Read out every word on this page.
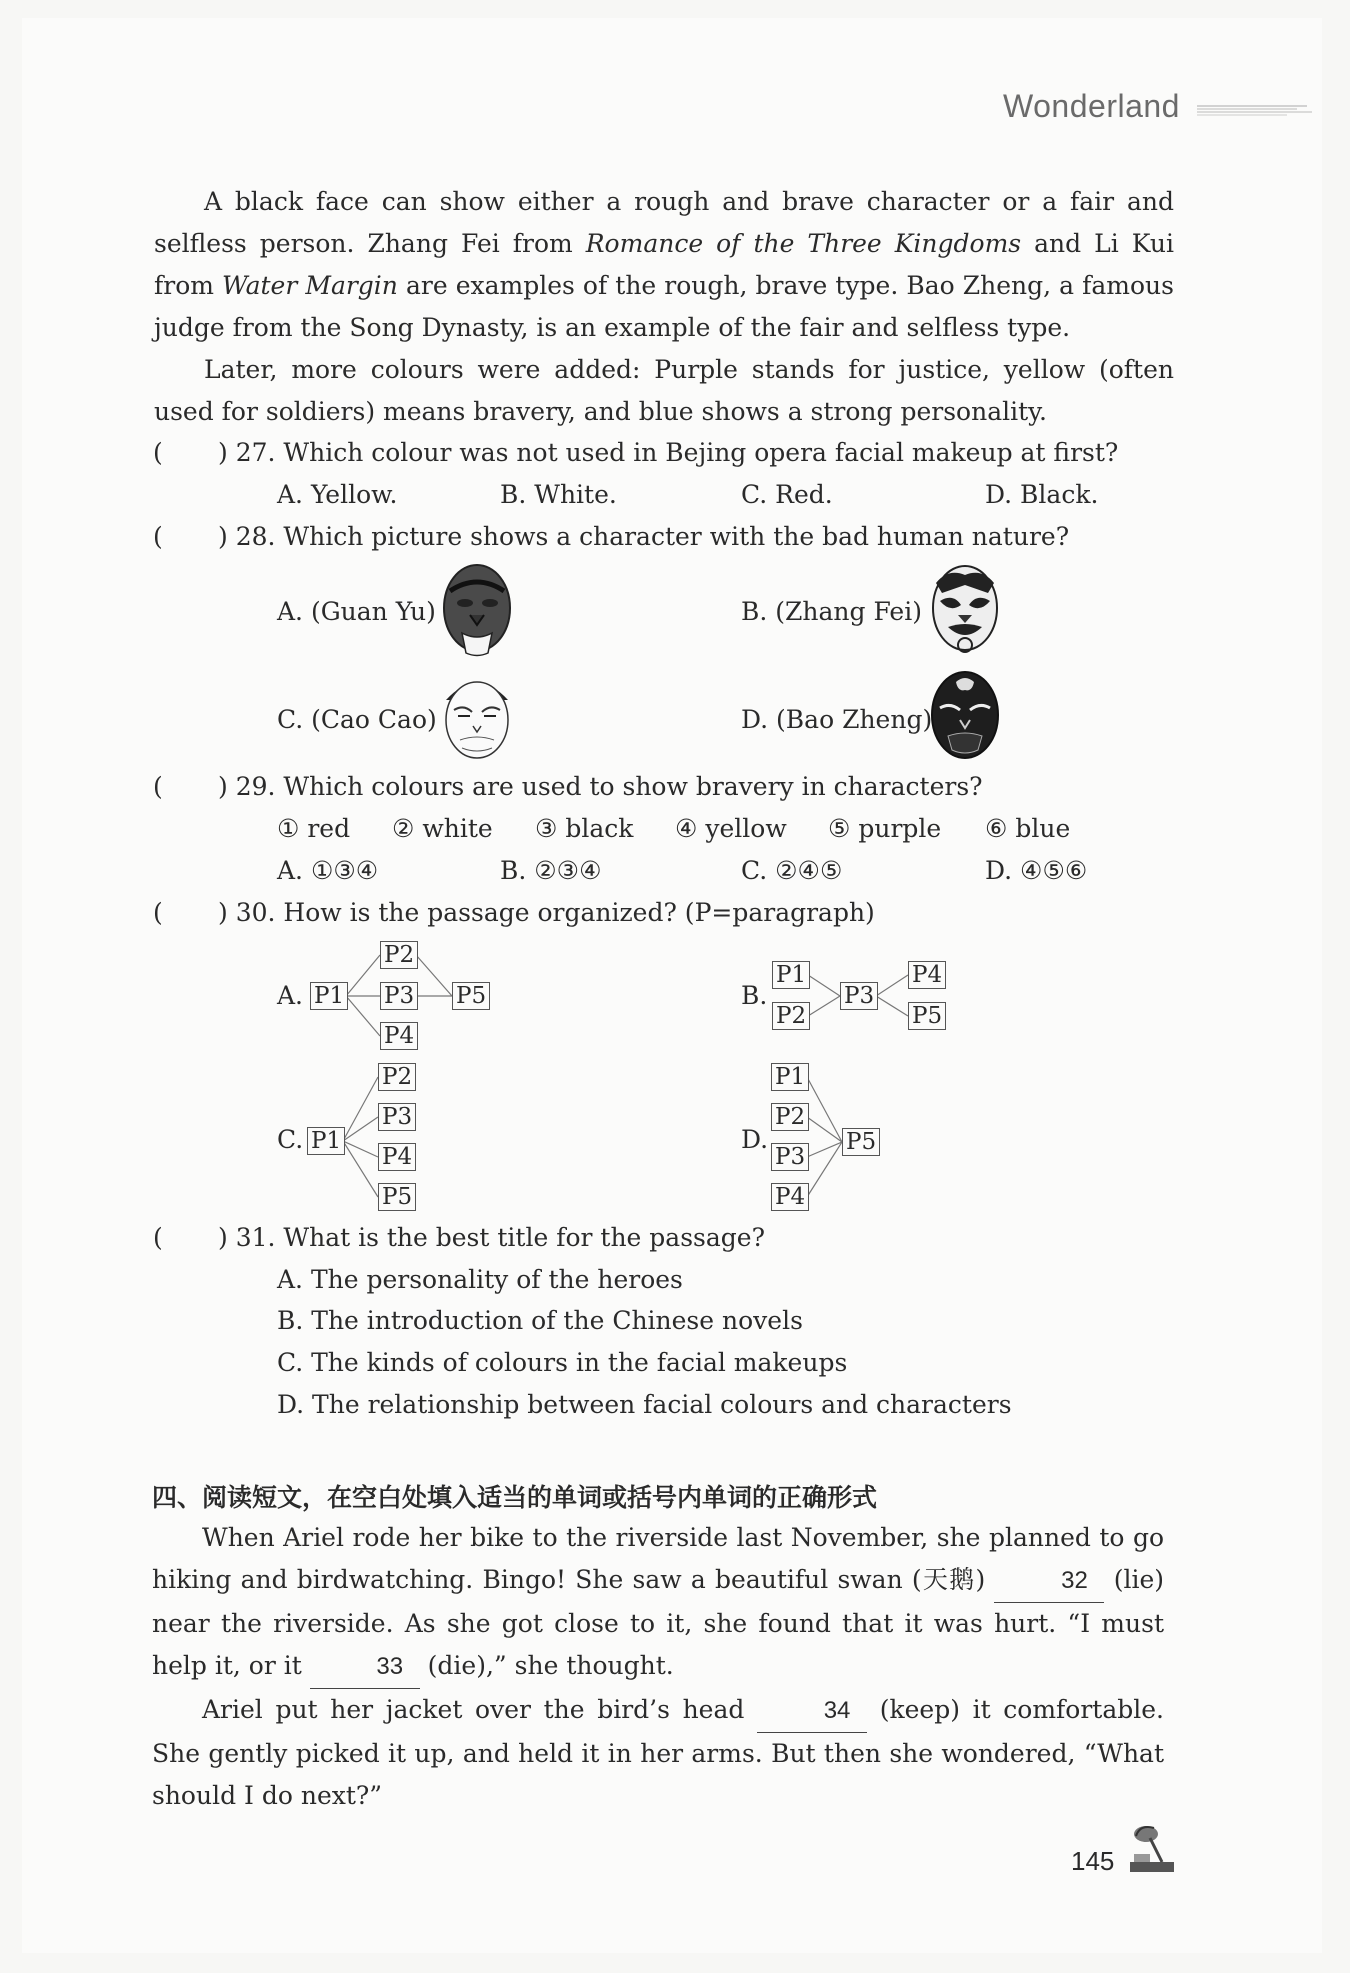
Wonderland

A black face can show either a rough and brave character or a fair and selfless person. Zhang Fei from Romance of the Three Kingdoms and Li Kui from Water Margin are examples of the rough, brave type. Bao Zheng, a famous judge from the Song Dynasty, is an example of the fair and selfless type.

Later, more colours were added: Purple stands for justice, yellow (often used for soldiers) means bravery, and blue shows a strong personality.

( ) 27. Which colour was not used in Bejing opera facial makeup at first?
A. Yellow.	B. White.	C. Red.	D. Black.
( ) 28. Which picture shows a character with the bad human nature?
A. (Guan Yu)	B. (Zhang Fei)
C. (Cao Cao)	D. (Bao Zheng)
( ) 29. Which colours are used to show bravery in characters?
① red ② white ③ black ④ yellow ⑤ purple ⑥ blue
A. ①③④	B. ②③④	C. ②④⑤	D. ④⑤⑥
( ) 30. How is the passage organized? (P=paragraph)
A. P1
P2
P3
P4
P5	B.
P1
P2
P3
P4
P5
C. P1
P2
P3
P4
P5
D.
P1
P2
P3
P4
P5
( ) 31. What is the best title for the passage?
A. The personality of the heroes
B. The introduction of the Chinese novels
C. The kinds of colours in the facial makeups
D. The relationship between facial colours and characters
四、阅读短文，在空白处填入适当的单词或括号内单词的正确形式

When Ariel rode her bike to the riverside last November, she planned to go hiking and birdwatching. Bingo! She saw a beautiful swan (天鹅)	32 (lie) near the riverside. As she got close to it, she found that it was hurt. “I must help it, or it	33 (die),” she thought.

Ariel put her jacket over the bird’s head	34 (keep) it comfortable. She gently picked it up, and held it in her arms. But then she wondered, “What should I do next?”

145
